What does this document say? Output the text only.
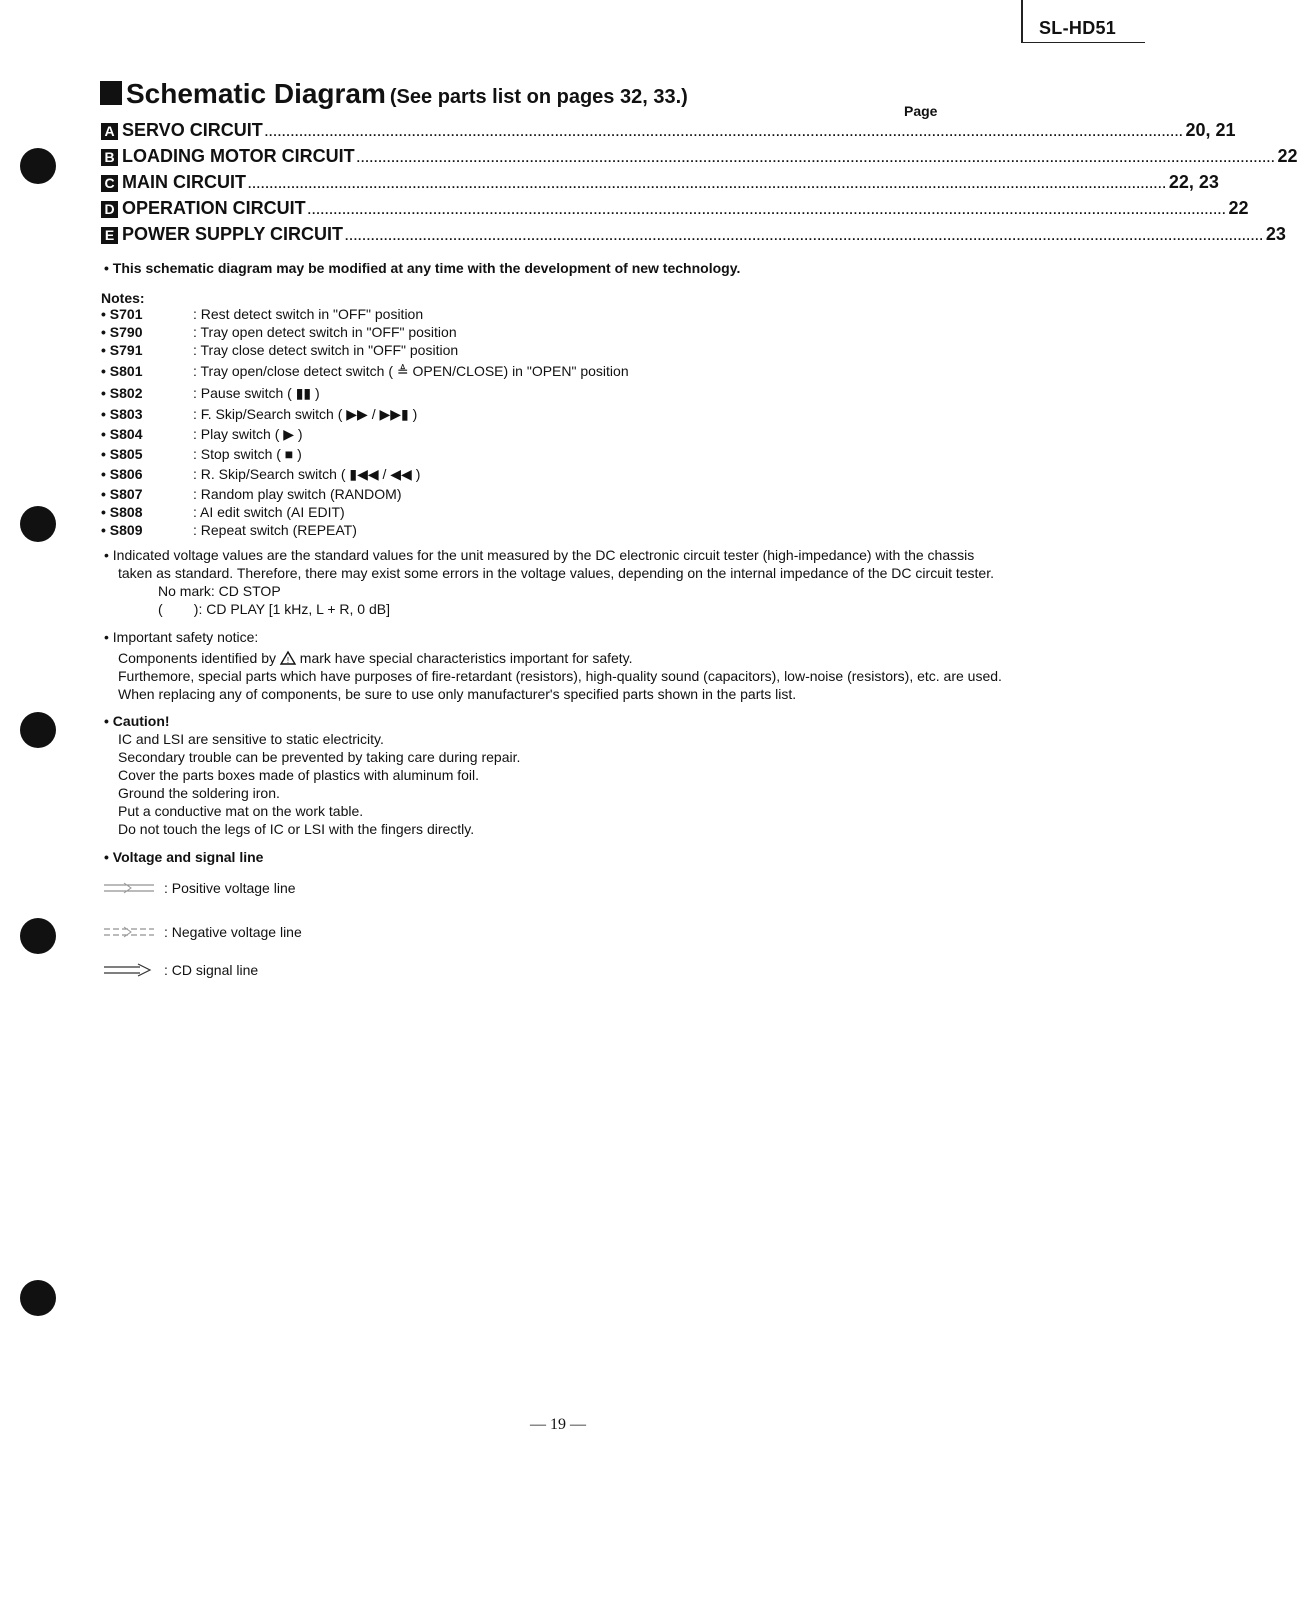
SL-HD51
Schematic Diagram (See parts list on pages 32, 33.)
Page
A SERVO CIRCUIT .................................................................................................................................................................................................................... 20, 21
B LOADING MOTOR CIRCUIT .................................................................................................................................................................................................................... 22
C MAIN CIRCUIT .................................................................................................................................................................................................................... 22, 23
D OPERATION CIRCUIT .................................................................................................................................................................................................................... 22
E POWER SUPPLY CIRCUIT .................................................................................................................................................................................................................... 23
• This schematic diagram may be modified at any time with the development of new technology.
Notes:
• S701	: Rest detect switch in "OFF" position
• S790	: Tray open detect switch in "OFF" position
• S791	: Tray close detect switch in "OFF" position
• S801	: Tray open/close detect switch ( ≜ OPEN/CLOSE) in "OPEN" position
• S802	: Pause switch ( ▮▮ )
• S803	: F. Skip/Search switch ( ▶▶ / ▶▶▮ )
• S804	: Play switch ( ▶ )
• S805	: Stop switch ( ■ )
• S806	: R. Skip/Search switch ( ▮◀◀ / ◀◀ )
• S807	: Random play switch (RANDOM)
• S808	: AI edit switch (AI EDIT)
• S809	: Repeat switch (REPEAT)
• Indicated voltage values are the standard values for the unit measured by the DC electronic circuit tester (high-impedance) with the chassis
taken as standard. Therefore, there may exist some errors in the voltage values, depending on the internal impedance of the DC circuit tester.
No mark: CD STOP
(        ): CD PLAY [1 kHz, L + R, 0 dB]
• Important safety notice:
Components identified by ! mark have special characteristics important for safety.
Furthemore, special parts which have purposes of fire-retardant (resistors), high-quality sound (capacitors), low-noise (resistors), etc. are used.
When replacing any of components, be sure to use only manufacturer's specified parts shown in the parts list.
• Caution!
IC and LSI are sensitive to static electricity.
Secondary trouble can be prevented by taking care during repair.
Cover the parts boxes made of plastics with aluminum foil.
Ground the soldering iron.
Put a conductive mat on the work table.
Do not touch the legs of IC or LSI with the fingers directly.
• Voltage and signal line
: Positive voltage line
: Negative voltage line
: CD signal line
— 19 —
